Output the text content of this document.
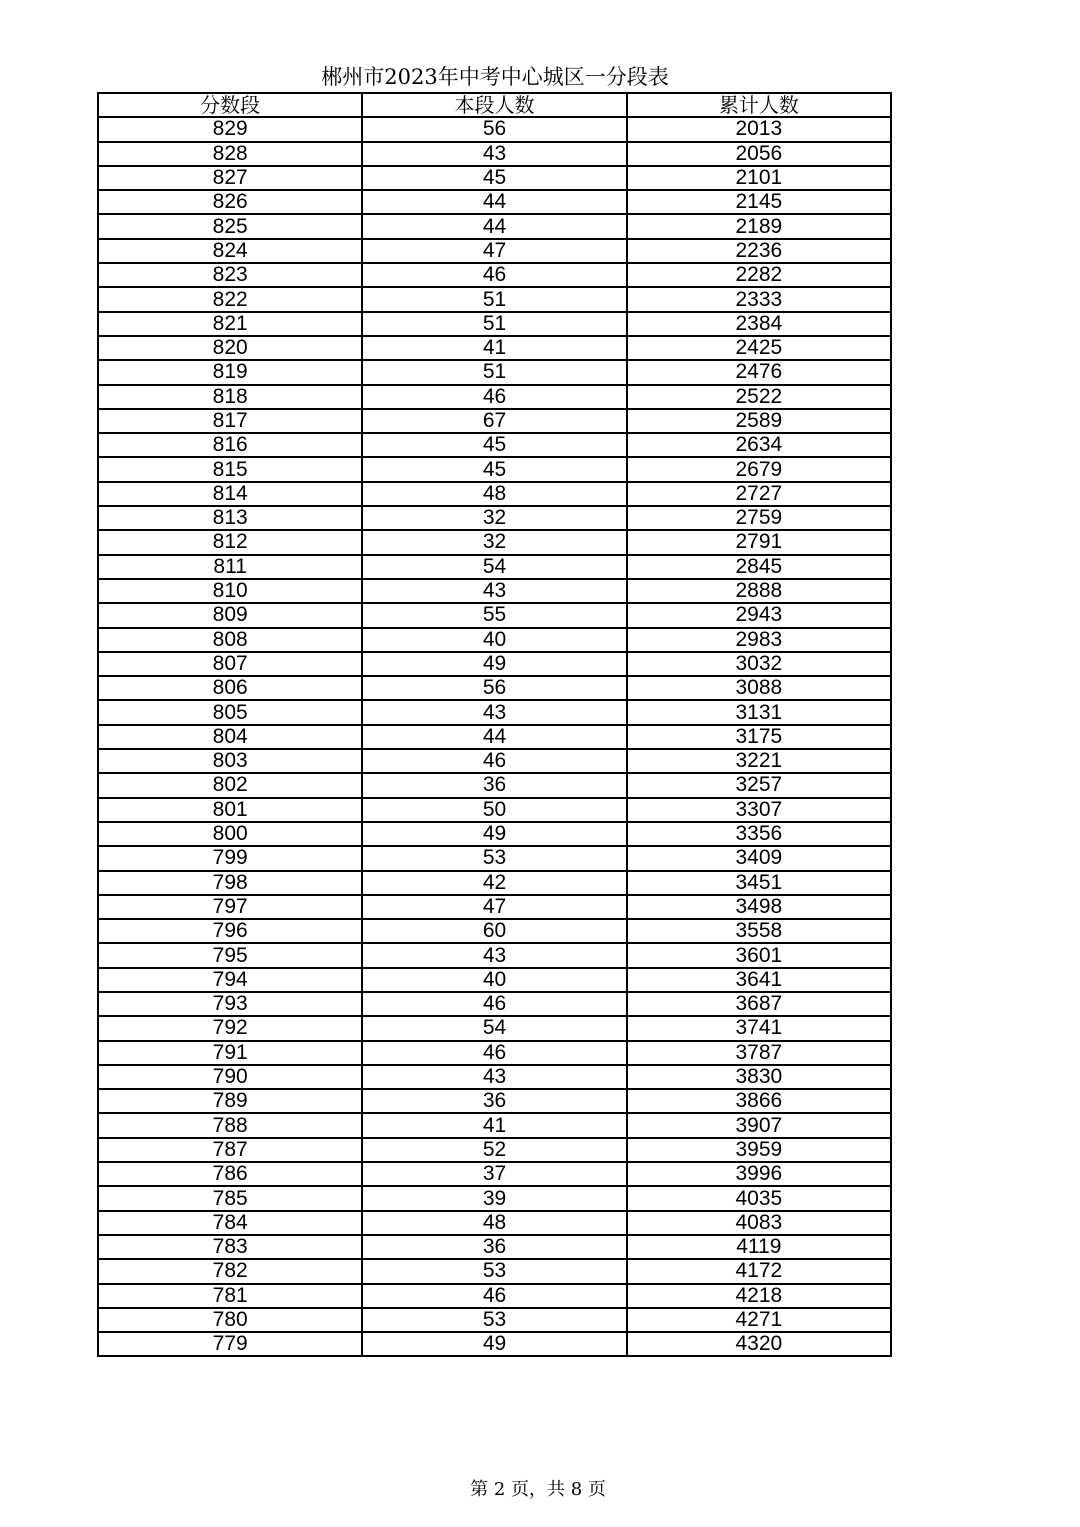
郴州市2023年中考中心城区一分段表
分数段	本段人数	累计人数
829	56	2013
828	43	2056
827	45	2101
826	44	2145
825	44	2189
824	47	2236
823	46	2282
822	51	2333
821	51	2384
820	41	2425
819	51	2476
818	46	2522
817	67	2589
816	45	2634
815	45	2679
814	48	2727
813	32	2759
812	32	2791
811	54	2845
810	43	2888
809	55	2943
808	40	2983
807	49	3032
806	56	3088
805	43	3131
804	44	3175
803	46	3221
802	36	3257
801	50	3307
800	49	3356
799	53	3409
798	42	3451
797	47	3498
796	60	3558
795	43	3601
794	40	3641
793	46	3687
792	54	3741
791	46	3787
790	43	3830
789	36	3866
788	41	3907
787	52	3959
786	37	3996
785	39	4035
784	48	4083
783	36	4119
782	53	4172
781	46	4218
780	53	4271
779	49	4320
第 2 页，共 8 页
